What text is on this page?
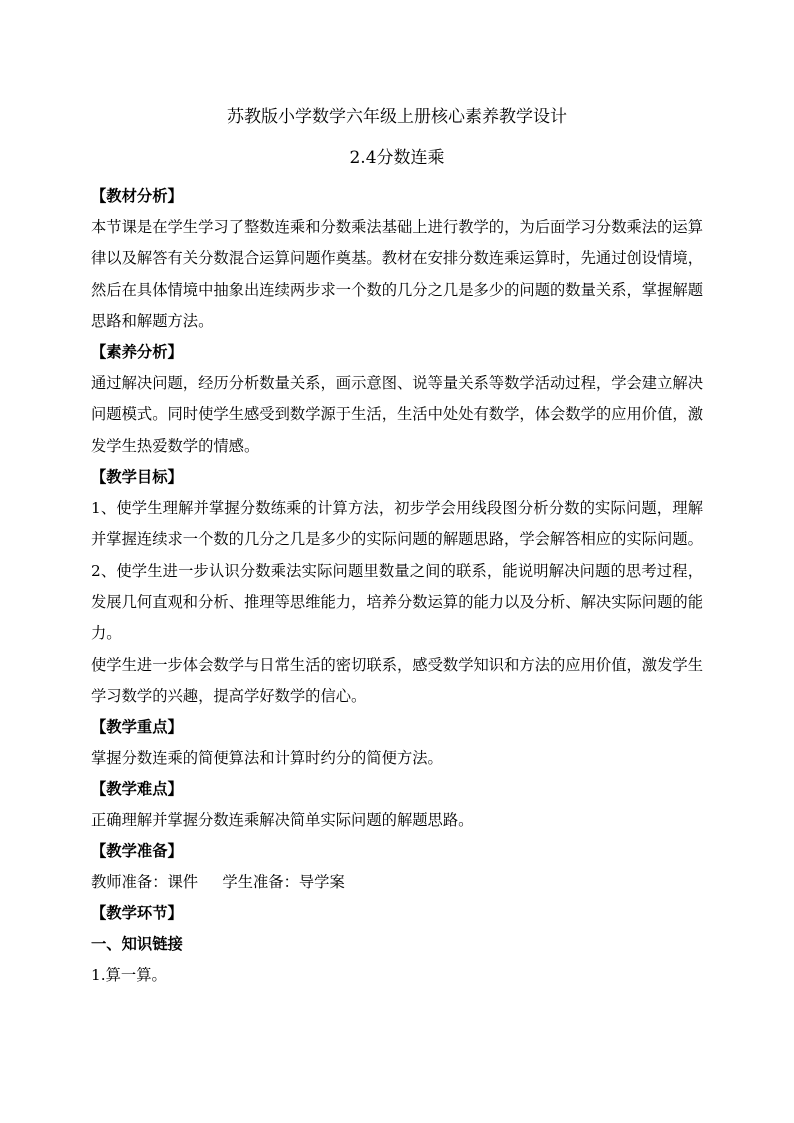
苏教版小学数学六年级上册核心素养教学设计
2.4分数连乘
【教材分析】

本节课是在学生学习了整数连乘和分数乘法基础上进行教学的，为后面学习分数乘法的运算律以及解答有关分数混合运算问题作奠基。教材在安排分数连乘运算时，先通过创设情境，然后在具体情境中抽象出连续两步求一个数的几分之几是多少的问题的数量关系，掌握解题思路和解题方法。

【素养分析】

通过解决问题，经历分析数量关系，画示意图、说等量关系等数学活动过程，学会建立解决问题模式。同时使学生感受到数学源于生活，生活中处处有数学，体会数学的应用价值，激发学生热爱数学的情感。

【教学目标】

1、使学生理解并掌握分数练乘的计算方法，初步学会用线段图分析分数的实际问题，理解并掌握连续求一个数的几分之几是多少的实际问题的解题思路，学会解答相应的实际问题。

2、使学生进一步认识分数乘法实际问题里数量之间的联系，能说明解决问题的思考过程，发展几何直观和分析、推理等思维能力，培养分数运算的能力以及分析、解决实际问题的能力。

使学生进一步体会数学与日常生活的密切联系，感受数学知识和方法的应用价值，激发学生学习数学的兴趣，提高学好数学的信心。

【教学重点】

掌握分数连乘的简便算法和计算时约分的简便方法。

【教学难点】

正确理解并掌握分数连乘解决简单实际问题的解题思路。

【教学准备】

教师准备：课件     学生准备：导学案

【教学环节】
一、知识链接

1.算一算。
